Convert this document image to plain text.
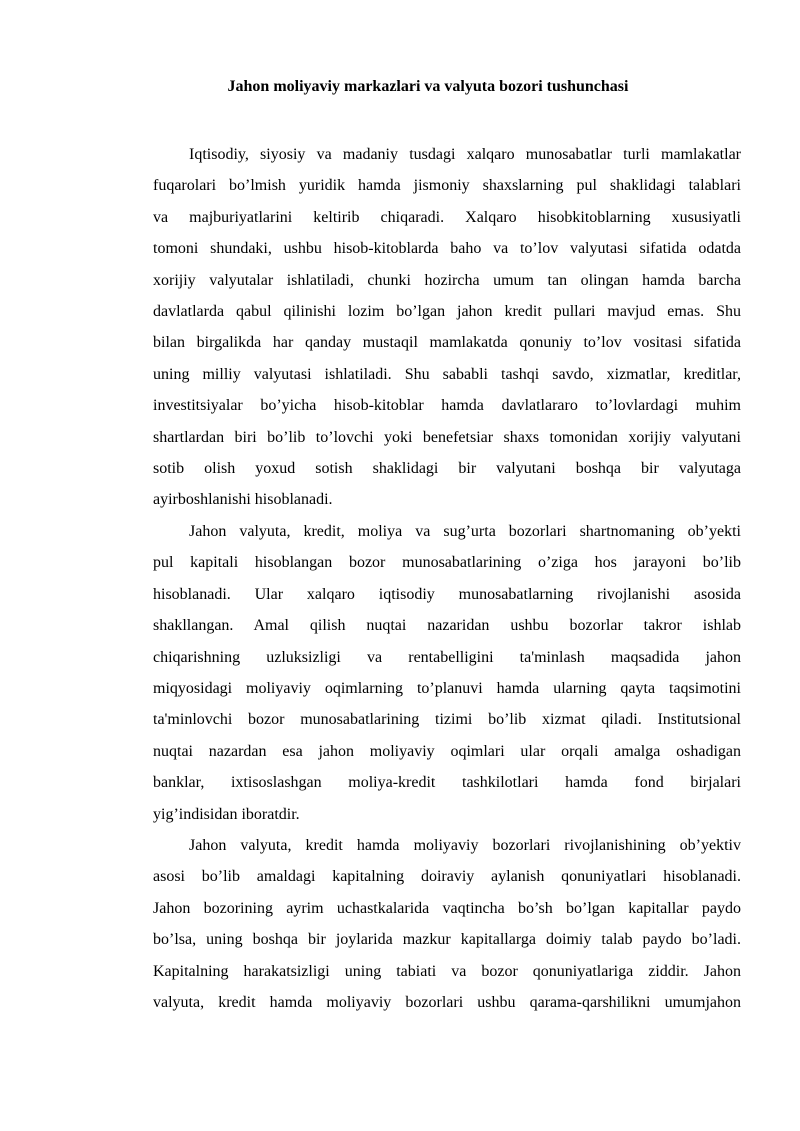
Jahon moliyaviy markazlari va valyuta bozori tushunchasi
Iqtisodiy, siyosiy va madaniy tusdagi xalqaro munosabatlar turli mamlakatlar
fuqarolari bo’lmish yuridik hamda jismoniy shaxslarning pul shaklidagi talablari
va majburiyatlarini keltirib chiqaradi. Xalqaro hisobkitoblarning xususiyatli
tomoni shundaki, ushbu hisob-kitoblarda baho va to’lov valyutasi sifatida odatda
xorijiy valyutalar ishlatiladi, chunki hozircha umum tan olingan hamda barcha
davlatlarda qabul qilinishi lozim bo’lgan jahon kredit pullari mavjud emas. Shu
bilan birgalikda har qanday mustaqil mamlakatda qonuniy to’lov vositasi sifatida
uning milliy valyutasi ishlatiladi. Shu sababli tashqi savdo, xizmatlar, kreditlar,
investitsiyalar bo’yicha hisob-kitoblar hamda davlatlararo to’lovlardagi muhim
shartlardan biri bo’lib to’lovchi yoki benefetsiar shaxs tomonidan xorijiy valyutani
sotib olish yoxud sotish shaklidagi bir valyutani boshqa bir valyutaga
ayirboshlanishi hisoblanadi.
Jahon valyuta, kredit, moliya va sug’urta bozorlari shartnomaning ob’yekti
pul kapitali hisoblangan bozor munosabatlarining o’ziga hos jarayoni bo’lib
hisoblanadi. Ular xalqaro iqtisodiy munosabatlarning rivojlanishi asosida
shakllangan. Amal qilish nuqtai nazaridan ushbu bozorlar takror ishlab
chiqarishning uzluksizligi va rentabelligini ta'minlash maqsadida jahon
miqyosidagi moliyaviy oqimlarning to’planuvi hamda ularning qayta taqsimotini
ta'minlovchi bozor munosabatlarining tizimi bo’lib xizmat qiladi. Institutsional
nuqtai nazardan esa jahon moliyaviy oqimlari ular orqali amalga oshadigan
banklar, ixtisoslashgan moliya-kredit tashkilotlari hamda fond birjalari
yig’indisidan iboratdir.
Jahon valyuta, kredit hamda moliyaviy bozorlari rivojlanishining ob’yektiv
asosi bo’lib amaldagi kapitalning doiraviy aylanish qonuniyatlari hisoblanadi.
Jahon bozorining ayrim uchastkalarida vaqtincha bo’sh bo’lgan kapitallar paydo
bo’lsa, uning boshqa bir joylarida mazkur kapitallarga doimiy talab paydo bo’ladi.
Kapitalning harakatsizligi uning tabiati va bozor qonuniyatlariga ziddir. Jahon
valyuta, kredit hamda moliyaviy bozorlari ushbu qarama-qarshilikni umumjahon
